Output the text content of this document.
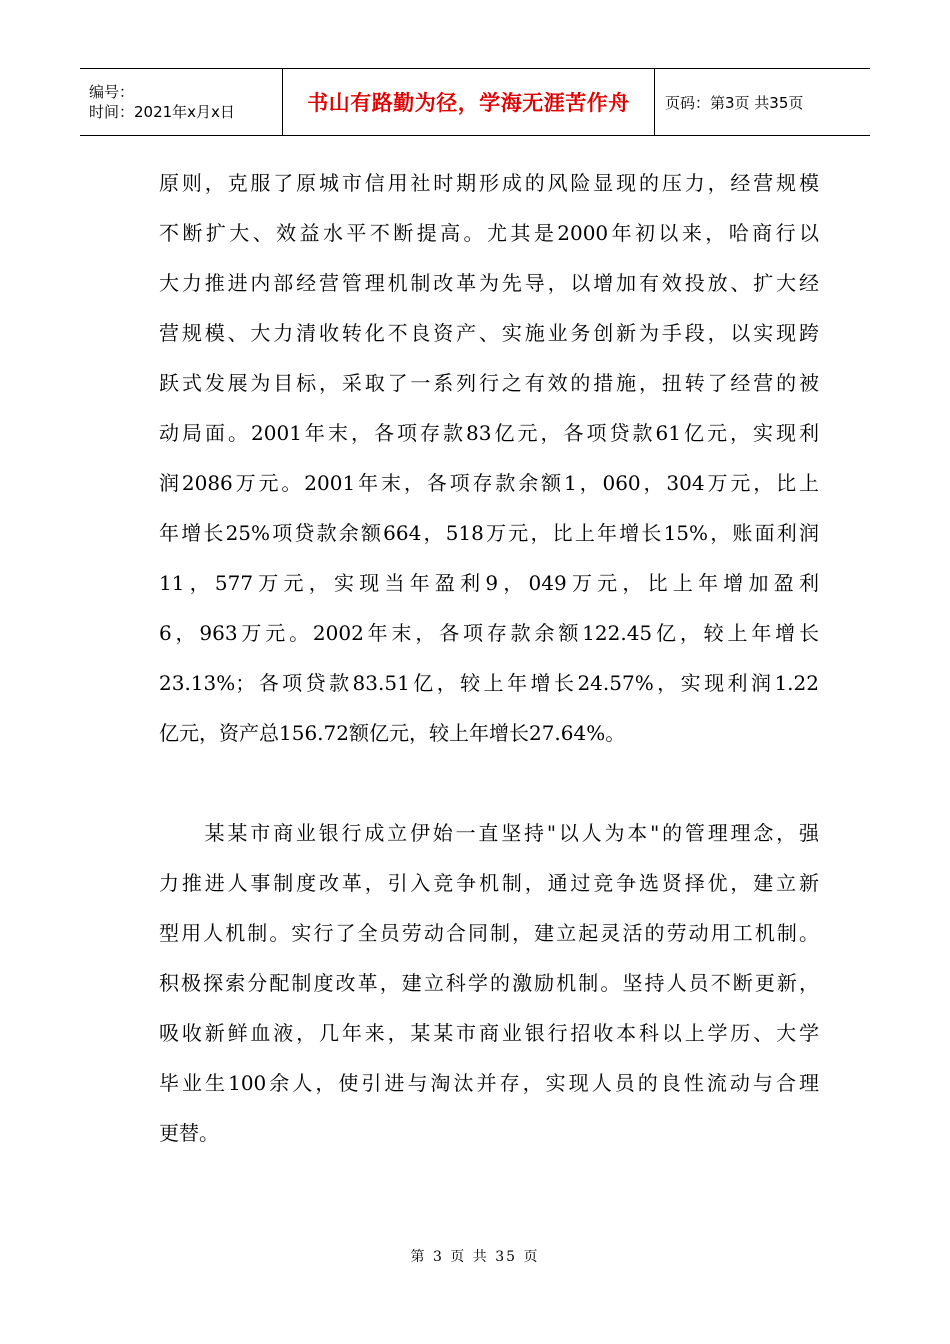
编号：
时间：2021年x月x日	书山有路勤为径，学海无涯苦作舟	页码：第3页 共35页
原则，克服了原城市信用社时期形成的风险显现的压力，经营规模
不断扩大、效益水平不断提高。尤其是2000年初以来，哈商行以
大力推进内部经营管理机制改革为先导，以增加有效投放、扩大经
营规模、大力清收转化不良资产、实施业务创新为手段，以实现跨
跃式发展为目标，采取了一系列行之有效的措施，扭转了经营的被
动局面。2001年末，各项存款83亿元，各项贷款61亿元，实现利
润2086万元。2001年末，各项存款余额1，060，304万元，比上
年增长25%项贷款余额664，518万元，比上年增长15%，账面利润
11，577万元，实现当年盈利9，049万元，比上年增加盈利
6，963万元。2002年末，各项存款余额122.45亿，较上年增长
23.13%；各项贷款83.51亿，较上年增长24.57%，实现利润1.22
亿元，资产总156.72额亿元，较上年增长27.64%。
　　某某市商业银行成立伊始一直坚持"以人为本"的管理理念，强
力推进人事制度改革，引入竞争机制，通过竞争选贤择优，建立新
型用人机制。实行了全员劳动合同制，建立起灵活的劳动用工机制。
积极探索分配制度改革，建立科学的激励机制。坚持人员不断更新，
吸收新鲜血液，几年来，某某市商业银行招收本科以上学历、大学
毕业生100余人，使引进与淘汰并存，实现人员的良性流动与合理
更替。
第 3 页 共 35 页
